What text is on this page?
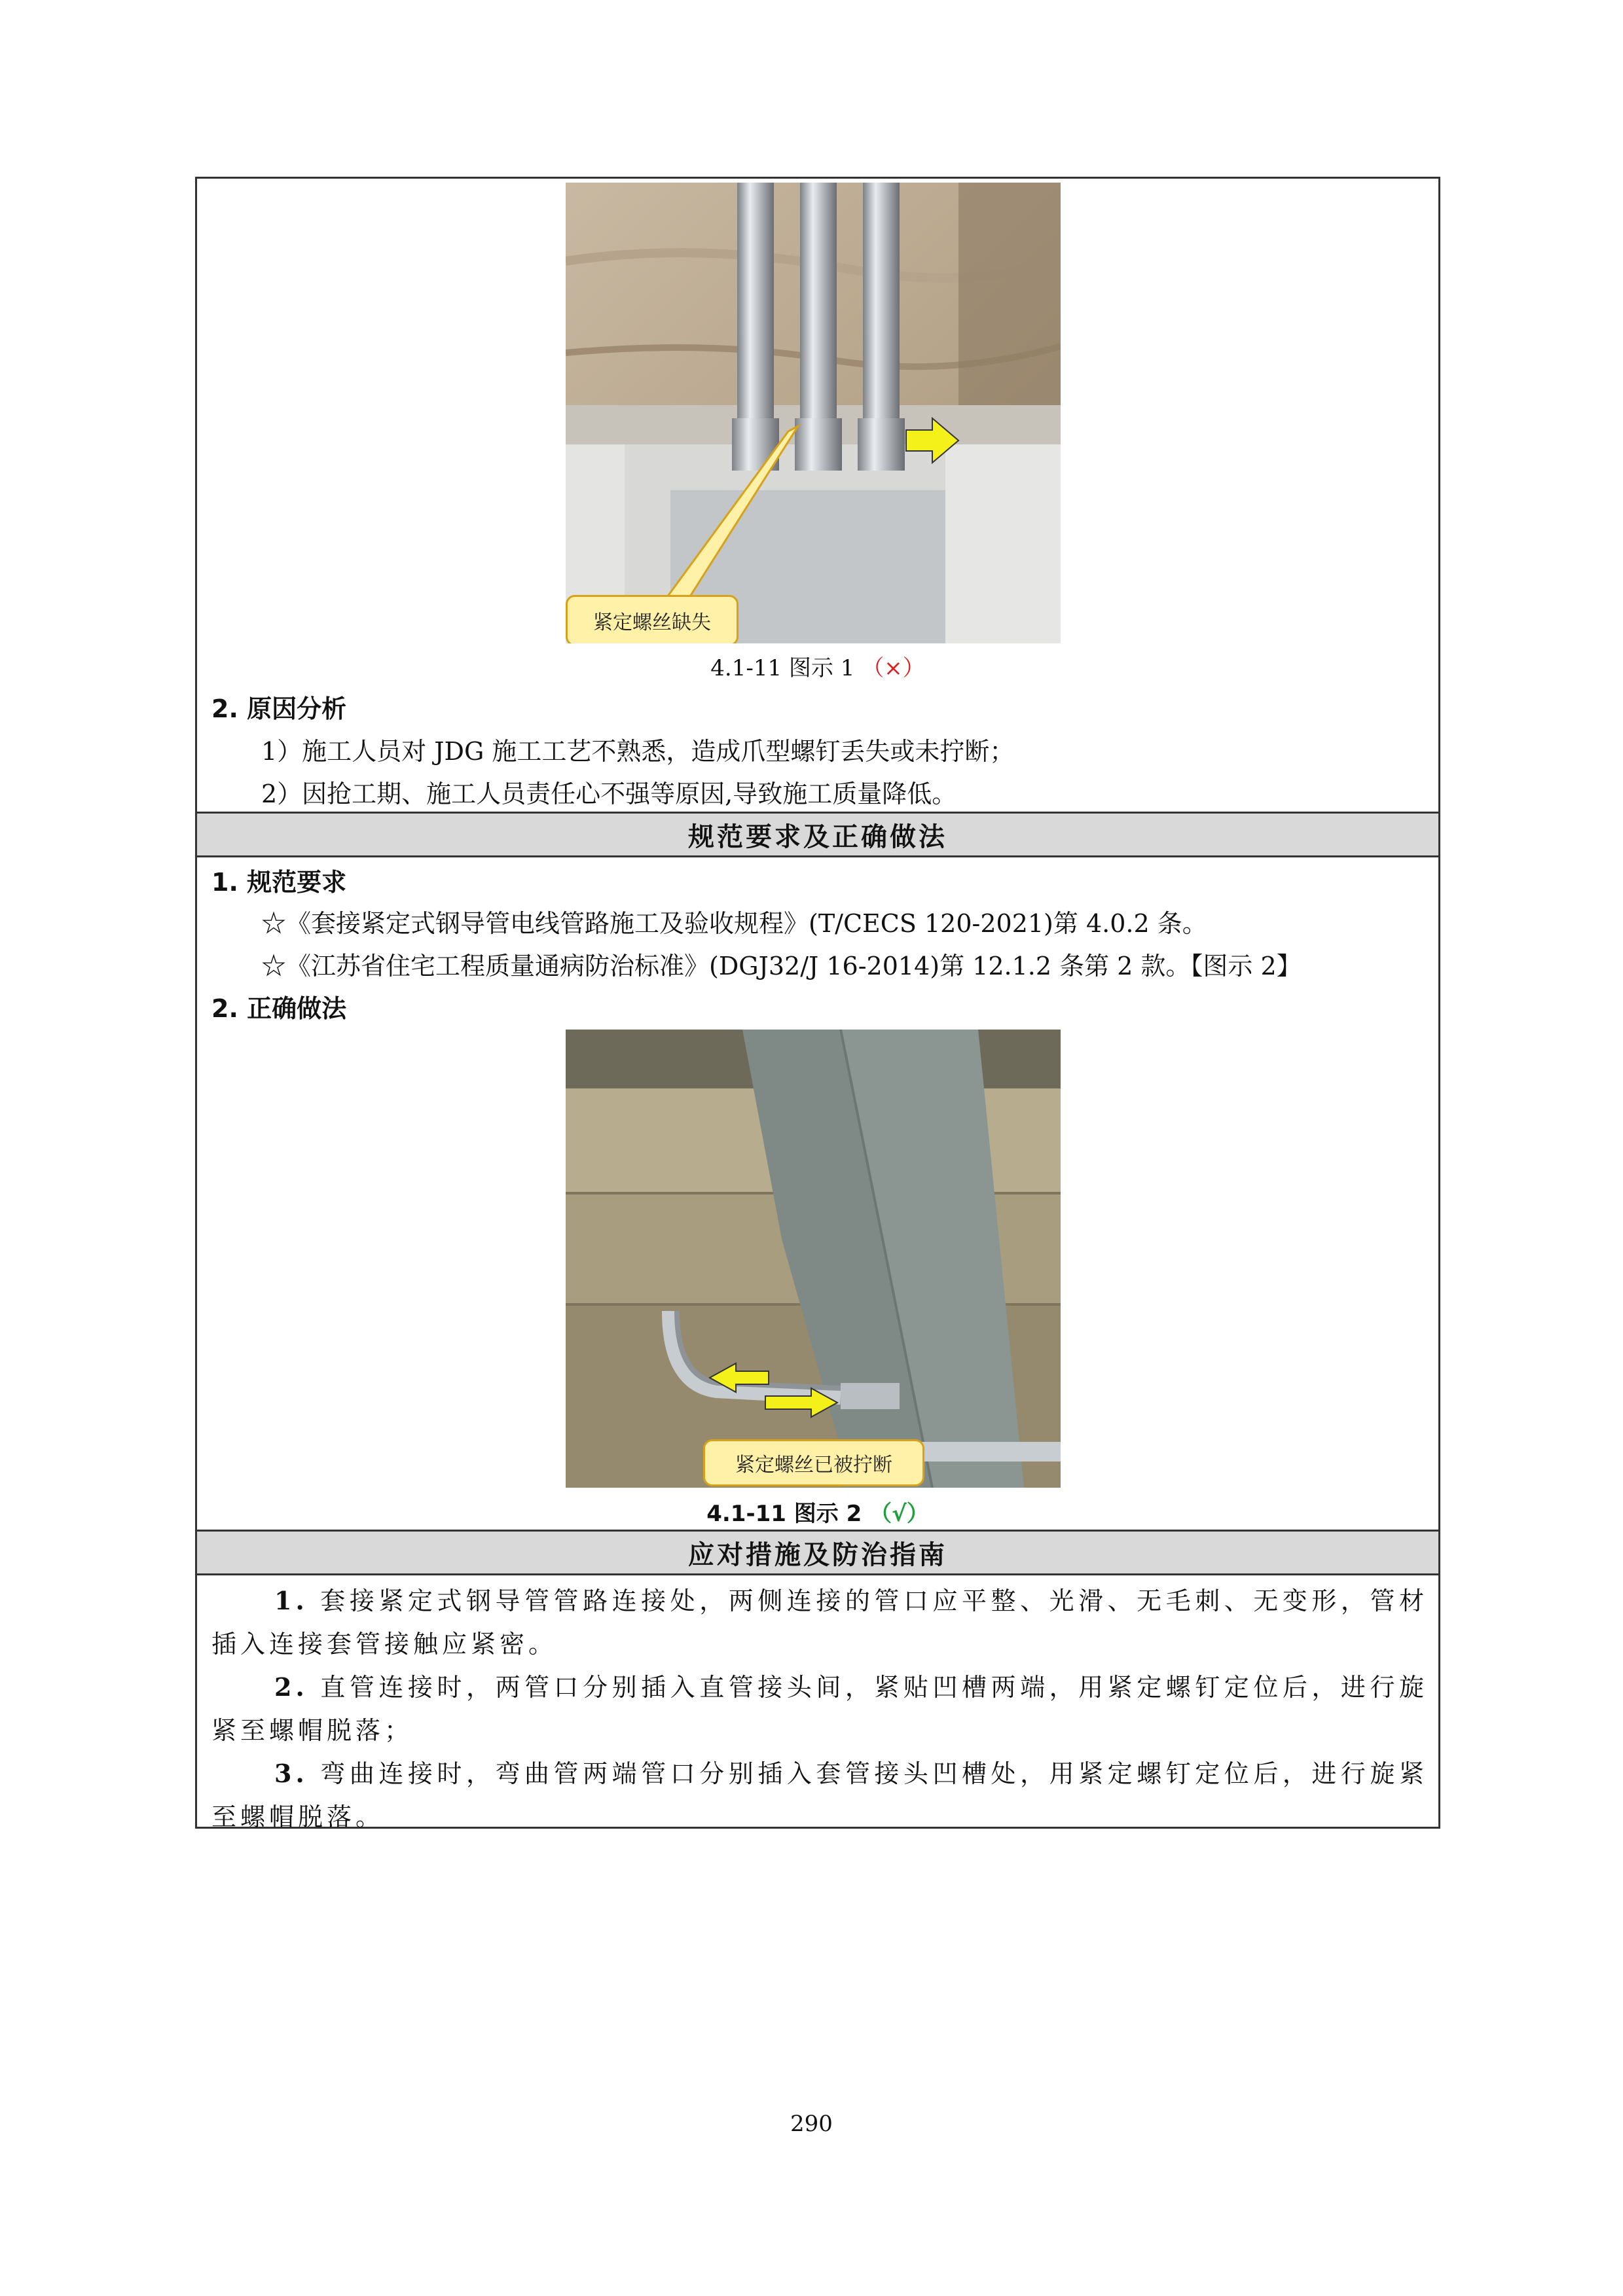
紧定螺丝缺失
4.1-11 图示 1 （×）
2. 原因分析
1）施工人员对 JDG 施工工艺不熟悉，造成爪型螺钉丢失或未拧断；
2）因抢工期、施工人员责任心不强等原因,导致施工质量降低。
规范要求及正确做法
1. 规范要求
☆《套接紧定式钢导管电线管路施工及验收规程》(T/CECS 120-2021)第 4.0.2 条。
☆《江苏省住宅工程质量通病防治标准》(DGJ32/J 16-2014)第 12.1.2 条第 2 款。【图示 2】
2. 正确做法
紧定螺丝已被拧断
4.1-11 图示 2 （√）
应对措施及防治指南
1. 套接紧定式钢导管管路连接处，两侧连接的管口应平整、光滑、无毛刺、无变形，管材插入连接套管接触应紧密。
2. 直管连接时，两管口分别插入直管接头间，紧贴凹槽两端，用紧定螺钉定位后，进行旋紧至螺帽脱落；
3. 弯曲连接时，弯曲管两端管口分别插入套管接头凹槽处，用紧定螺钉定位后，进行旋紧至螺帽脱落。
290
